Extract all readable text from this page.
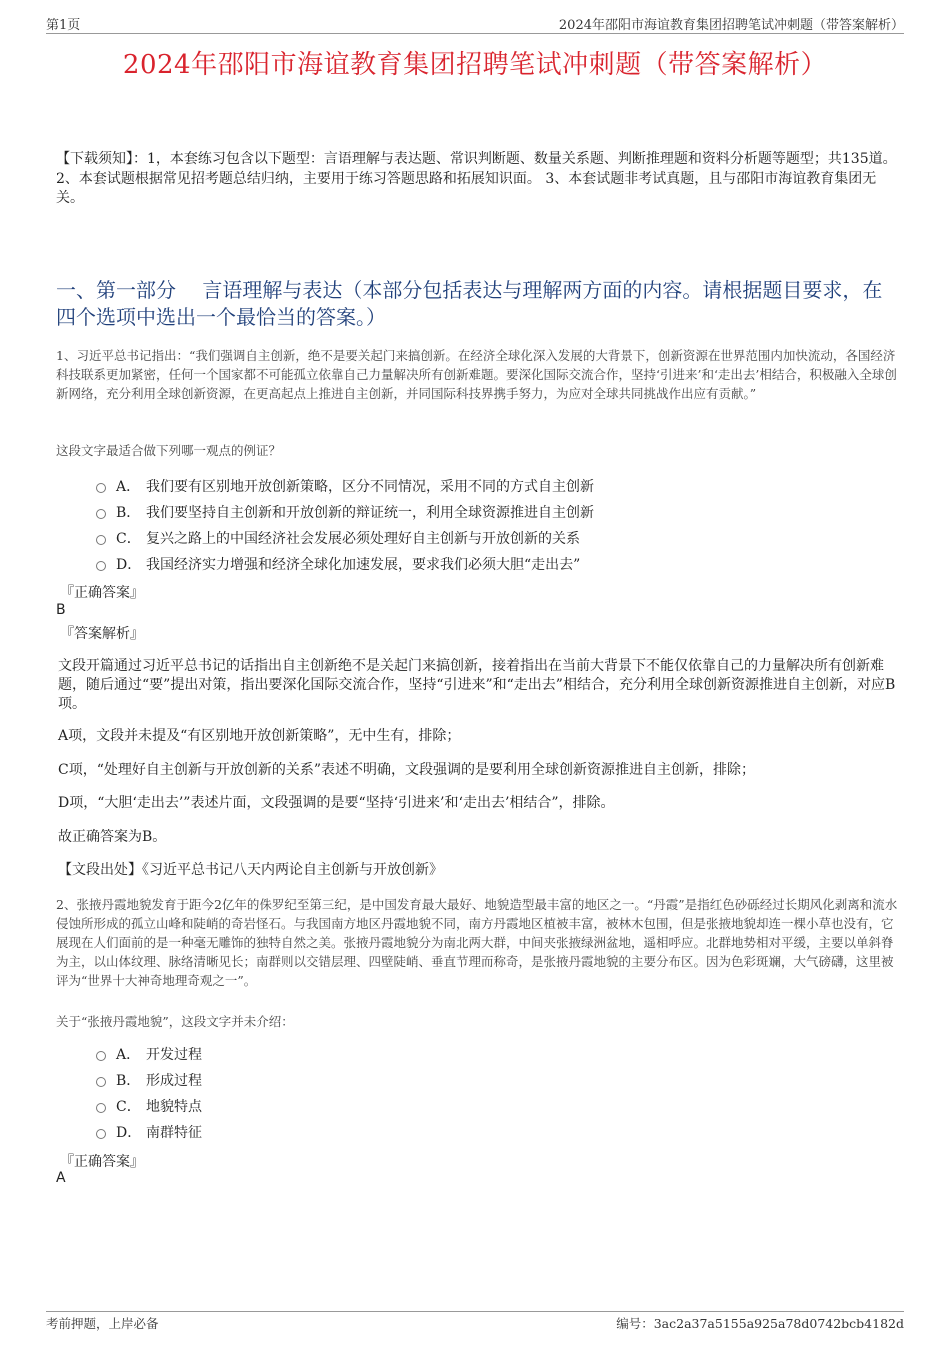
第1页	2024年邵阳市海谊教育集团招聘笔试冲刺题（带答案解析）
2024年邵阳市海谊教育集团招聘笔试冲刺题（带答案解析）
【下载须知】：1，本套练习包含以下题型：言语理解与表达题、常识判断题、数量关系题、判断推理题和资料分析题等题型；共135道。 2、本套试题根据常见招考题总结归纳，主要用于练习答题思路和拓展知识面。 3、本套试题非考试真题，且与邵阳市海谊教育集团无关。
一、第一部分　 言语理解与表达（本部分包括表达与理解两方面的内容。请根据题目要求，在四个选项中选出一个最恰当的答案。）
1、习近平总书记指出：“我们强调自主创新，绝不是要关起门来搞创新。在经济全球化深入发展的大背景下，创新资源在世界范围内加快流动，各国经济科技联系更加紧密，任何一个国家都不可能孤立依靠自己力量解决所有创新难题。要深化国际交流合作，坚持‘引进来’和‘走出去’相结合，积极融入全球创新网络，充分利用全球创新资源，在更高起点上推进自主创新，并同国际科技界携手努力，为应对全球共同挑战作出应有贡献。”
这段文字最适合做下列哪一观点的例证？
A． 我们要有区别地开放创新策略，区分不同情况，采用不同的方式自主创新
B． 我们要坚持自主创新和开放创新的辩证统一，利用全球资源推进自主创新
C． 复兴之路上的中国经济社会发展必须处理好自主创新与开放创新的关系
D． 我国经济实力增强和经济全球化加速发展，要求我们必须大胆“走出去”
『正确答案』
B
『答案解析』
文段开篇通过习近平总书记的话指出自主创新绝不是关起门来搞创新，接着指出在当前大背景下不能仅依靠自己的力量解决所有创新难题，随后通过“要”提出对策，指出要深化国际交流合作，坚持“引进来”和“走出去”相结合，充分利用全球创新资源推进自主创新，对应B项。
A项，文段并未提及“有区别地开放创新策略”，无中生有，排除；
C项，“处理好自主创新与开放创新的关系”表述不明确，文段强调的是要利用全球创新资源推进自主创新，排除；
D项，“大胆‘走出去’”表述片面，文段强调的是要“坚持‘引进来’和‘走出去’相结合”，排除。
故正确答案为B。
【文段出处】《习近平总书记八天内两论自主创新与开放创新》
2、张掖丹霞地貌发育于距今2亿年的侏罗纪至第三纪，是中国发育最大最好、地貌造型最丰富的地区之一。“丹霞”是指红色砂砾经过长期风化剥离和流水侵蚀所形成的孤立山峰和陡峭的奇岩怪石。与我国南方地区丹霞地貌不同，南方丹霞地区植被丰富，被林木包围，但是张掖地貌却连一棵小草也没有，它展现在人们面前的是一种毫无雕饰的独特自然之美。张掖丹霞地貌分为南北两大群，中间夹张掖绿洲盆地，遥相呼应。北群地势相对平缓，主要以单斜脊为主，以山体纹理、脉络清晰见长；南群则以交错层理、四壁陡峭、垂直节理而称奇，是张掖丹霞地貌的主要分布区。因为色彩斑斓，大气磅礴，这里被评为“世界十大神奇地理奇观之一”。
关于“张掖丹霞地貌”，这段文字并未介绍：
A． 开发过程
B． 形成过程
C． 地貌特点
D． 南群特征
『正确答案』
A
考前押题，上岸必备	编号：3ac2a37a5155a925a78d0742bcb4182d
